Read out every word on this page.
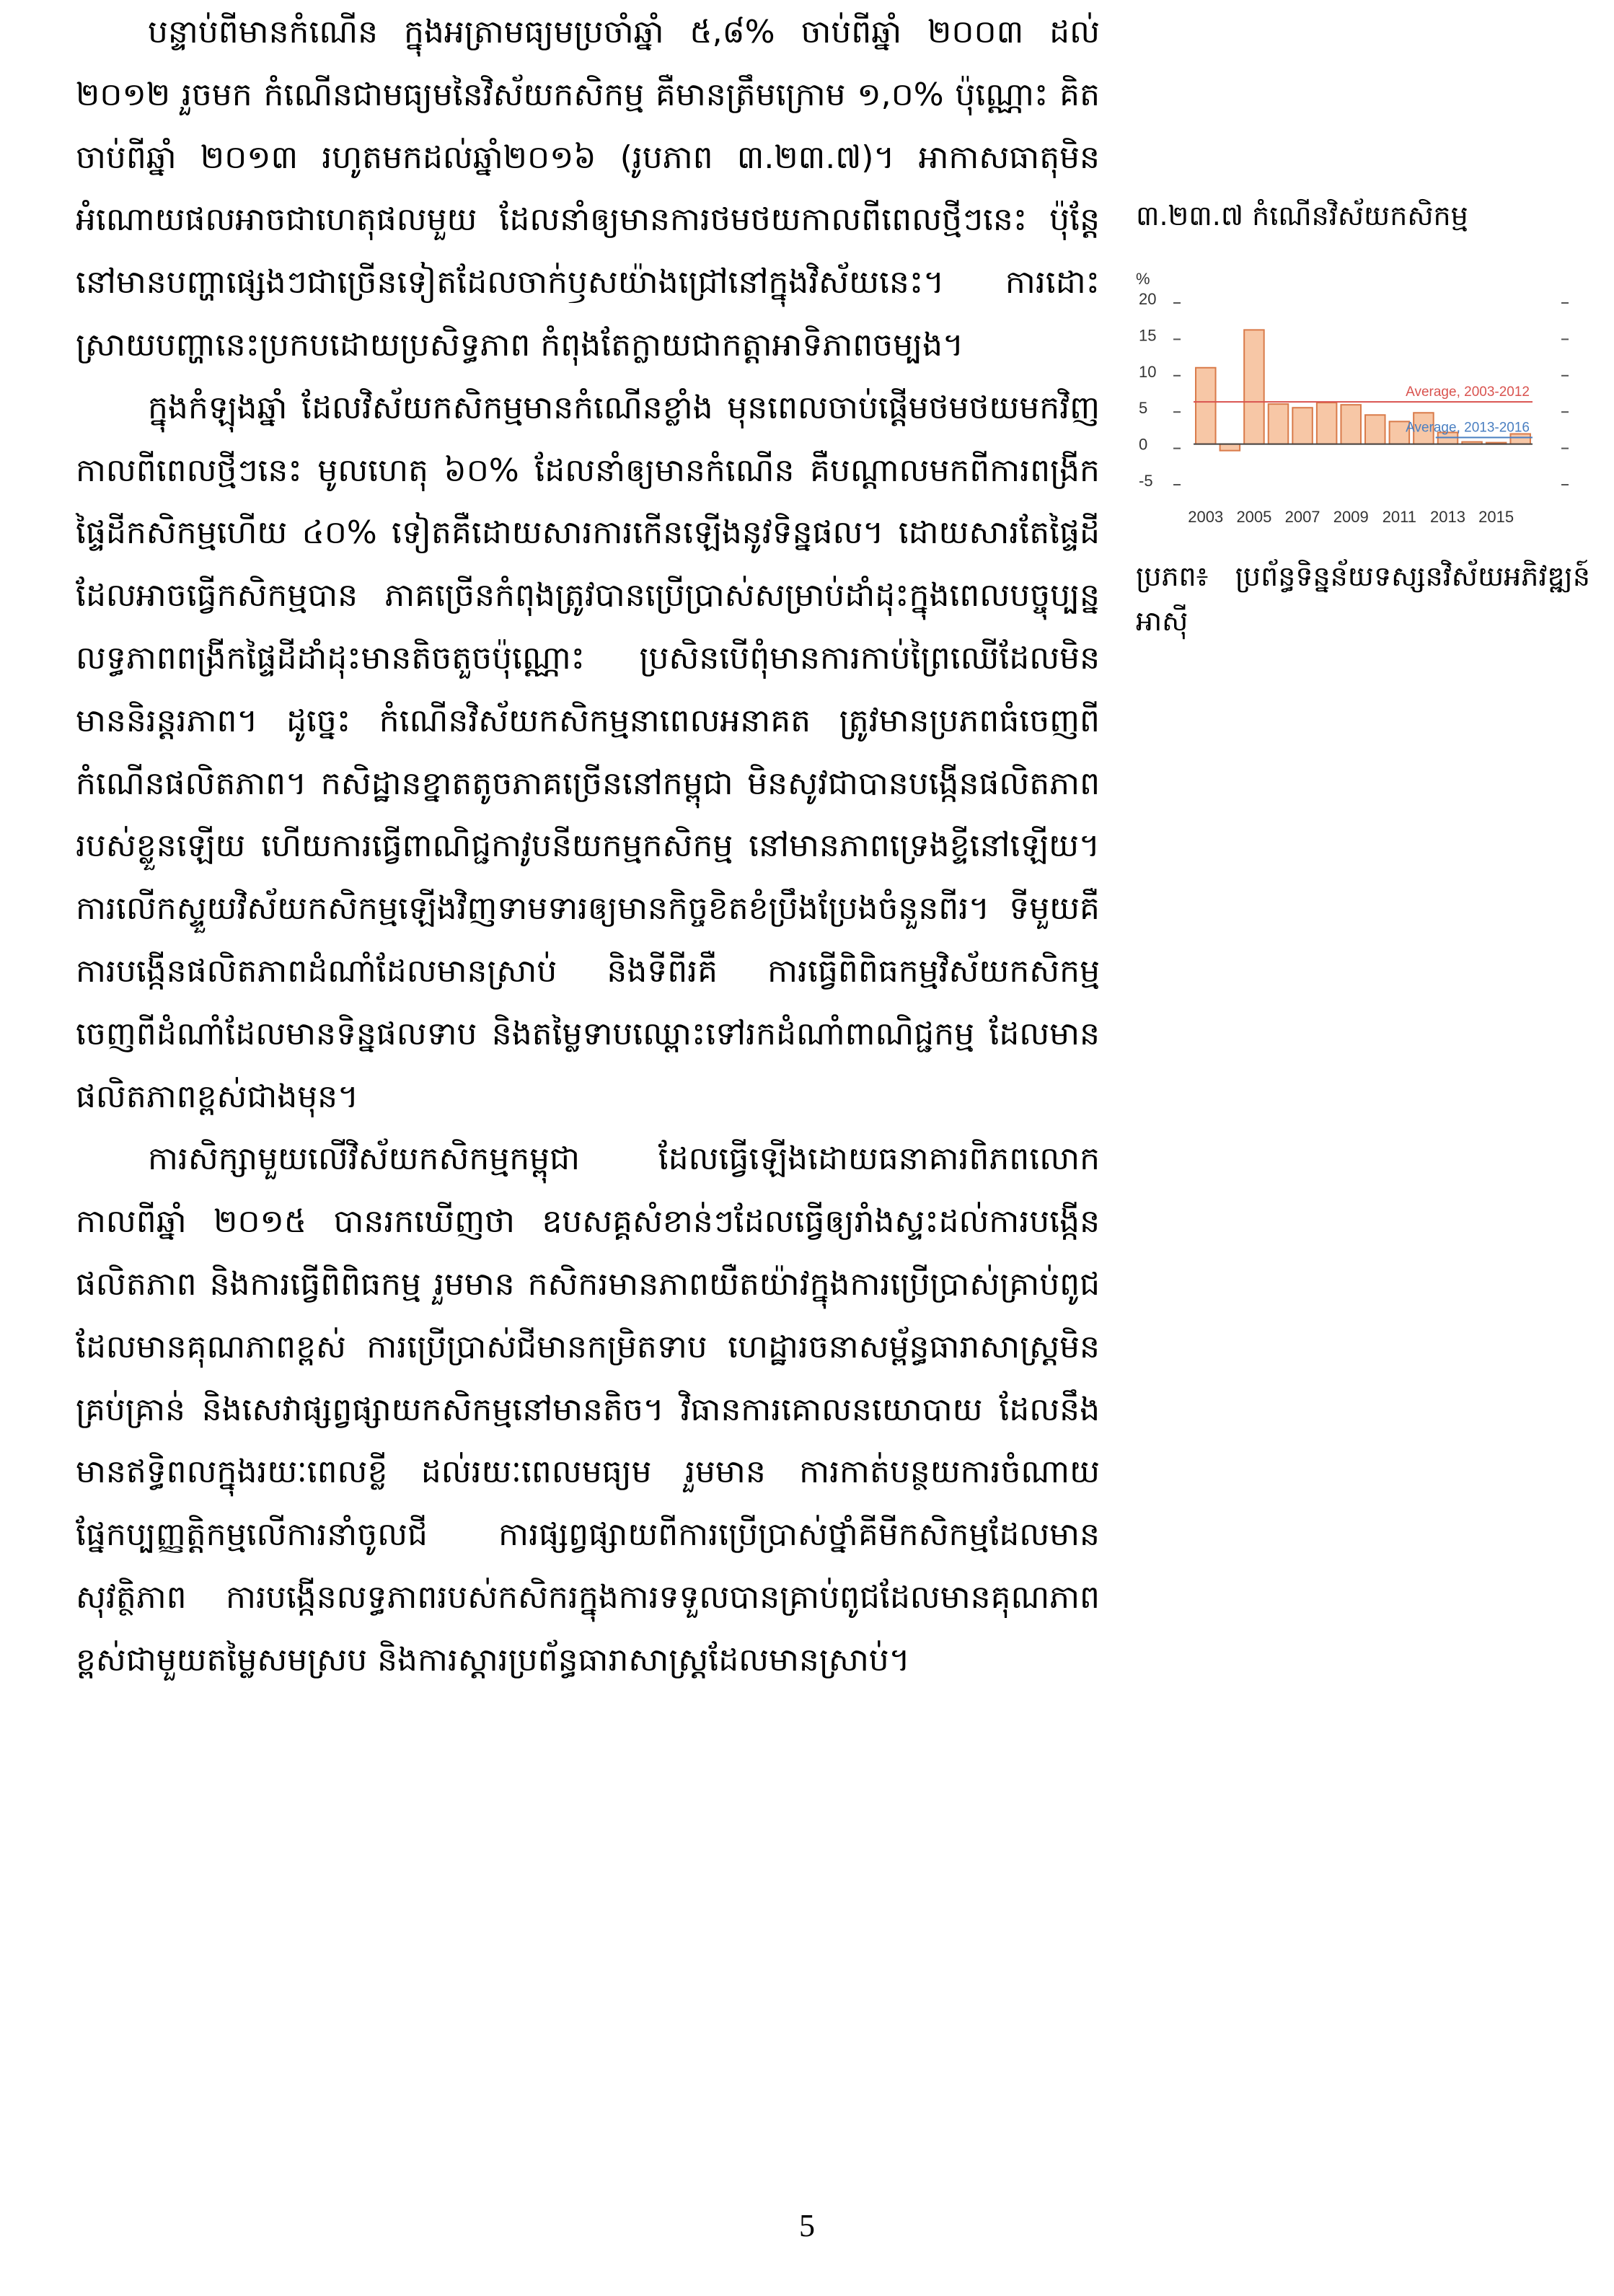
បន្ទាប់ពីមានកំណើន ក្នុងអត្រាមធ្យមប្រចាំឆ្នាំ ៥,៨% ចាប់ពីឆ្នាំ ២០០៣ ដល់ ២០១២ រួចមក កំណើនជាមធ្យមនៃវិស័យកសិកម្ម គឺមានត្រឹមក្រោម ១,០% ប៉ុណ្ណោះ គិតចាប់ពីឆ្នាំ ២០១៣ រហូតមកដល់ឆ្នាំ២០១៦ (រូបភាព ៣.២៣.៧)។ អាកាសធាតុមិនអំណោយផលអាចជាហេតុផលមួយ ដែលនាំឲ្យមានការថមថយកាលពីពេលថ្មីៗនេះ ប៉ុន្តែនៅមានបញ្ហាផ្សេងៗជាច្រើនទៀតដែលចាក់ឫសយ៉ាងជ្រៅនៅក្នុងវិស័យនេះ។ ការដោះស្រាយបញ្ហានេះប្រកបដោយប្រសិទ្ធភាព កំពុងតែក្លាយជាកត្តាអាទិភាពចម្បង។

ក្នុងកំឡុងឆ្នាំ ដែលវិស័យកសិកម្មមានកំណើនខ្លាំង មុនពេលចាប់ផ្តើមថមថយមកវិញកាលពីពេលថ្មីៗនេះ មូលហេតុ ៦០% ដែលនាំឲ្យមានកំណើន គឺបណ្តាលមកពីការពង្រីកផ្ទៃដីកសិកម្មហើយ ៤០% ទៀតគឺដោយសារការកើនឡើងនូវទិន្នផល។ ដោយសារតែផ្ទៃដីដែលអាចធ្វើកសិកម្មបាន ភាគច្រើនកំពុងត្រូវបានប្រើប្រាស់សម្រាប់ដាំដុះក្នុងពេលបច្ចុប្បន្ន លទ្ធភាពពង្រីកផ្ទៃដីដាំដុះមានតិចតួចប៉ុណ្ណោះ ប្រសិនបើពុំមានការកាប់ព្រៃឈើដែលមិនមាននិរន្តរភាព។ ដូច្នេះ កំណើនវិស័យកសិកម្មនាពេលអនាគត ត្រូវមានប្រភពធំចេញពីកំណើនផលិតភាព។ កសិដ្ឋានខ្នាតតូចភាគច្រើននៅកម្ពុជា មិនសូវជាបានបង្កើនផលិតភាពរបស់ខ្លួនឡើយ ហើយការធ្វើពាណិជ្ជកាវូបនីយកម្មកសិកម្ម នៅមានភាពទ្រេងខ្ទីនៅឡើយ។ ការលើកស្ទួយវិស័យកសិកម្មឡើងវិញទាមទារឲ្យមានកិច្ចខិតខំប្រឹងប្រែងចំនួនពីរ។ ទីមួយគឺការបង្កើនផលិតភាពដំណាំដែលមានស្រាប់ និងទីពីរគឺ ការធ្វើពិពិធកម្មវិស័យកសិកម្មចេញពីដំណាំដែលមានទិន្នផលទាប និងតម្លៃទាបឈ្ពោះទៅរកដំណាំពាណិជ្ជកម្ម ដែលមានផលិតភាពខ្ពស់ជាងមុន។

ការសិក្សាមួយលើវិស័យកសិកម្មកម្ពុជា ដែលធ្វើឡើងដោយធនាគារពិភពលោកកាលពីឆ្នាំ ២០១៥ បានរកឃើញថា ឧបសគ្គសំខាន់ៗដែលធ្វើឲ្យរាំងស្ទះដល់ការបង្កើនផលិតភាព និងការធ្វើពិពិធកម្ម រួមមាន កសិករមានភាពយឺតយ៉ាវក្នុងការប្រើប្រាស់គ្រាប់ពូជដែលមានគុណភាពខ្ពស់ ការប្រើប្រាស់ជីមានកម្រិតទាប ហេដ្ឋារចនាសម្ព័ន្ធធារាសាស្ត្រមិនគ្រប់គ្រាន់ និងសេវាផ្សព្វផ្សាយកសិកម្មនៅមានតិច។ វិធានការគោលនយោបាយ ដែលនឹងមានឥទ្ធិពលក្នុងរយៈពេលខ្លី ដល់រយៈពេលមធ្យម រួមមាន ការកាត់បន្ថយការចំណាយផ្នែកប្បញ្ញត្តិកម្មលើការនាំចូលជី ការផ្សព្វផ្សាយពីការប្រើប្រាស់ថ្នាំគីមីកសិកម្មដែលមានសុវត្ថិភាព ការបង្កើនលទ្ធភាពរបស់កសិករក្នុងការទទួលបានគ្រាប់ពូជដែលមានគុណភាពខ្ពស់ជាមួយតម្លៃសមស្រប និងការស្តារប្រព័ន្ធធារាសាស្ត្រដែលមានស្រាប់។

៣.២៣.៧ កំណើនវិស័យកសិកម្ម
%
20
15
10
5
0
-5
Average, 2003-2012
Average, 2013-2016
2003 2005 2007 2009 2011 2013 2015
ប្រភព៖ ប្រព័ន្ធទិន្នន័យទស្សនវិស័យអភិវឌ្ឍន៍អាស៊ី
5
